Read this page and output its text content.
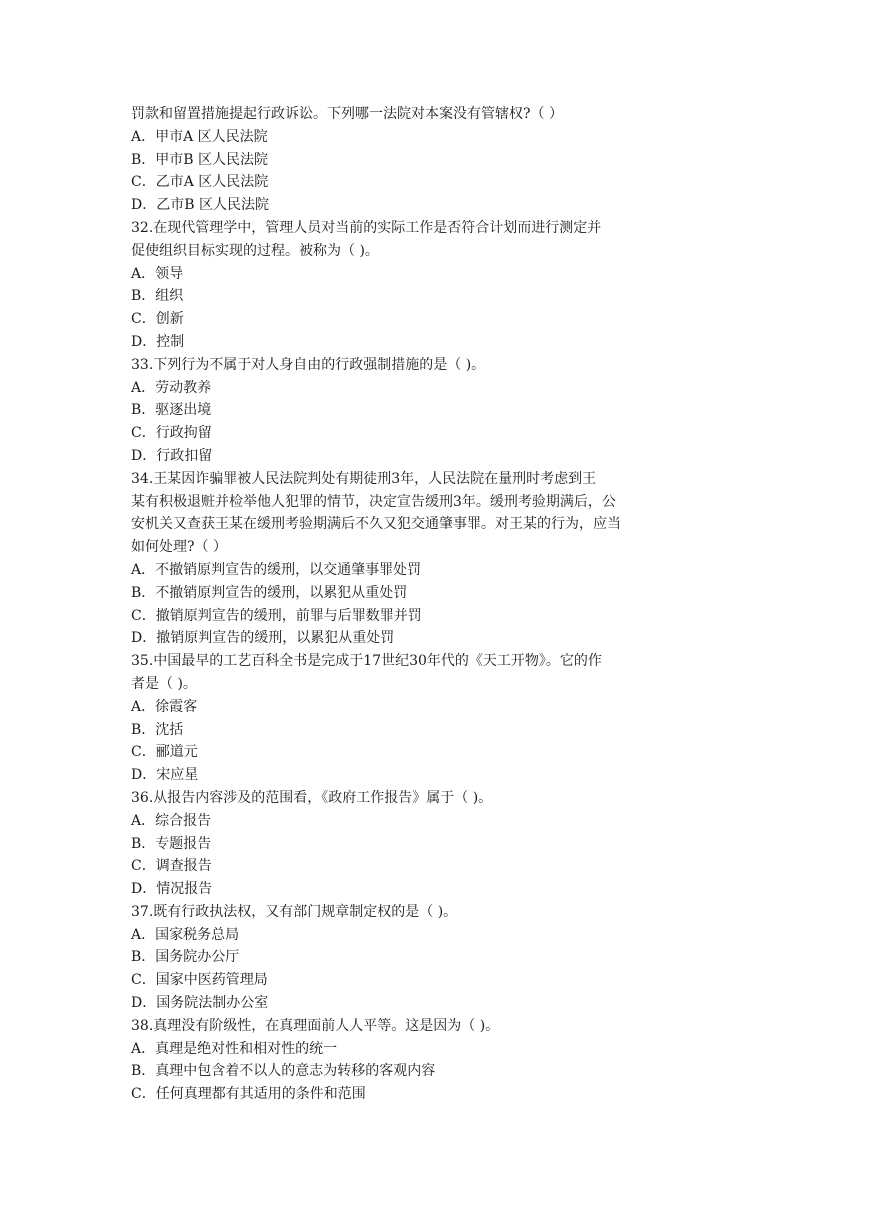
罚款和留置措施提起行政诉讼。下列哪一法院对本案没有管辖权?（ ）
A．甲市A 区人民法院
B．甲市B 区人民法院
C．乙市A 区人民法院
D．乙市B 区人民法院
32.在现代管理学中，管理人员对当前的实际工作是否符合计划而进行测定并
促使组织目标实现的过程。被称为（ )。
A．领导
B．组织
C．创新
D．控制
33.下列行为不属于对人身自由的行政强制措施的是（ )。
A．劳动教养
B．驱逐出境
C．行政拘留
D．行政扣留
34.王某因诈骗罪被人民法院判处有期徒刑3年，人民法院在量刑时考虑到王
某有积极退赃并检举他人犯罪的情节，决定宣告缓刑3年。缓刑考验期满后，公
安机关又查获王某在缓刑考验期满后不久又犯交通肇事罪。对王某的行为，应当
如何处理?（ ）
A．不撤销原判宣告的缓刑，以交通肇事罪处罚
B．不撤销原判宣告的缓刑，以累犯从重处罚
C．撤销原判宣告的缓刑，前罪与后罪数罪并罚
D．撤销原判宣告的缓刑，以累犯从重处罚
35.中国最早的工艺百科全书是完成于17世纪30年代的《天工开物》。它的作
者是（ )。
A．徐霞客
B．沈括
C．郦道元
D．宋应星
36.从报告内容涉及的范围看，《政府工作报告》属于（ )。
A．综合报告
B．专题报告
C．调查报告
D．情况报告
37.既有行政执法权，又有部门规章制定权的是（ )。
A．国家税务总局
B．国务院办公厅
C．国家中医药管理局
D．国务院法制办公室
38.真理没有阶级性，在真理面前人人平等。这是因为（ )。
A．真理是绝对性和相对性的统一
B．真理中包含着不以人的意志为转移的客观内容
C．任何真理都有其适用的条件和范围
